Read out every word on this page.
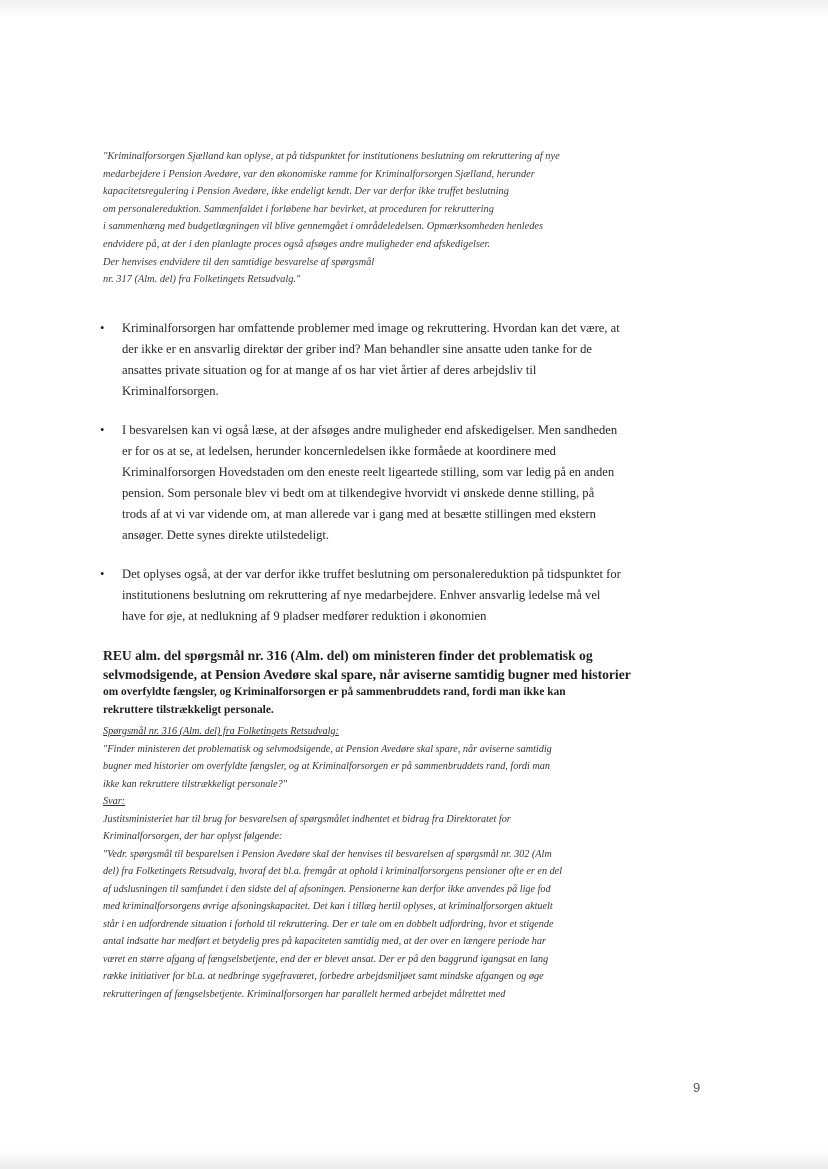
"Kriminalforsorgen Sjælland kan oplyse, at på tidspunktet for institutionens beslutning om rekruttering af nye
medarbejdere i Pension Avedøre, var den økonomiske ramme for Kriminalforsorgen Sjælland, herunder
kapacitetsregulering i Pension Avedøre, ikke endeligt kendt. Der var derfor ikke truffet beslutning
om personalereduktion. Sammenfaldet i forløbene har bevirket, at proceduren for rekruttering
i sammenhæng med budgetlægningen vil blive gennemgået i områdeledelsen. Opmærksomheden henledes
endvidere på, at der i den planlagte proces også afsøges andre muligheder end afskedigelser.
Der henvises endvidere til den samtidige besvarelse af spørgsmål
nr. 317 (Alm. del) fra Folketingets Retsudvalg."
• Kriminalforsorgen har omfattende problemer med image og rekruttering. Hvordan kan det være, at
der ikke er en ansvarlig direktør der griber ind? Man behandler sine ansatte uden tanke for de
ansattes private situation og for at mange af os har viet årtier af deres arbejdsliv til
Kriminalforsorgen.
• I besvarelsen kan vi også læse, at der afsøges andre muligheder end afskedigelser. Men sandheden
er for os at se, at ledelsen, herunder koncernledelsen ikke formåede at koordinere med
Kriminalforsorgen Hovedstaden om den eneste reelt ligeartede stilling, som var ledig på en anden
pension. Som personale blev vi bedt om at tilkendegive hvorvidt vi ønskede denne stilling, på
trods af at vi var vidende om, at man allerede var i gang med at besætte stillingen med ekstern
ansøger. Dette synes direkte utilstedeligt.
• Det oplyses også, at der var derfor ikke truffet beslutning om personalereduktion på tidspunktet for
institutionens beslutning om rekruttering af nye medarbejdere. Enhver ansvarlig ledelse må vel
have for øje, at nedlukning af 9 pladser medfører reduktion i økonomien
REU alm. del spørgsmål nr. 316 (Alm. del) om ministeren finder det problematisk og
selvmodsigende, at Pension Avedøre skal spare, når aviserne samtidig bugner med historier
om overfyldte fængsler, og Kriminalforsorgen er på sammenbruddets rand, fordi man ikke kan
rekruttere tilstrækkeligt personale.
Spørgsmål nr. 316 (Alm. del) fra Folketingets Retsudvalg:
"Finder ministeren det problematisk og selvmodsigende, at Pension Avedøre skal spare, når aviserne samtidig
bugner med historier om overfyldte fængsler, og at Kriminalforsorgen er på sammenbruddets rand, fordi man
ikke kan rekruttere tilstrækkeligt personale?"
Svar:
Justitsministeriet har til brug for besvarelsen af spørgsmålet indhentet et bidrag fra Direktoratet for
Kriminalforsorgen, der har oplyst følgende:
"Vedr. spørgsmål til besparelsen i Pension Avedøre skal der henvises til besvarelsen af spørgsmål nr. 302 (Alm
del) fra Folketingets Retsudvalg, hvoraf det bl.a. fremgår at ophold i kriminalforsorgens pensioner ofte er en del
af udslusningen til samfundet i den sidste del af afsoningen. Pensionerne kan derfor ikke anvendes på lige fod
med kriminalforsorgens øvrige afsoningskapacitet. Det kan i tillæg hertil oplyses, at kriminalforsorgen aktuelt
står i en udfordrende situation i forhold til rekruttering. Der er tale om en dobbelt udfordring, hvor et stigende
antal indsatte har medført et betydelig pres på kapaciteten samtidig med, at der over en længere periode har
været en større afgang af fængselsbetjente, end der er blevet ansat. Der er på den baggrund igangsat en lang
række initiativer for bl.a. at nedbringe sygefraværet, forbedre arbejdsmiljøet samt mindske afgangen og øge
rekrutteringen af fængselsbetjente. Kriminalforsorgen har parallelt hermed arbejdet målrettet med
9
